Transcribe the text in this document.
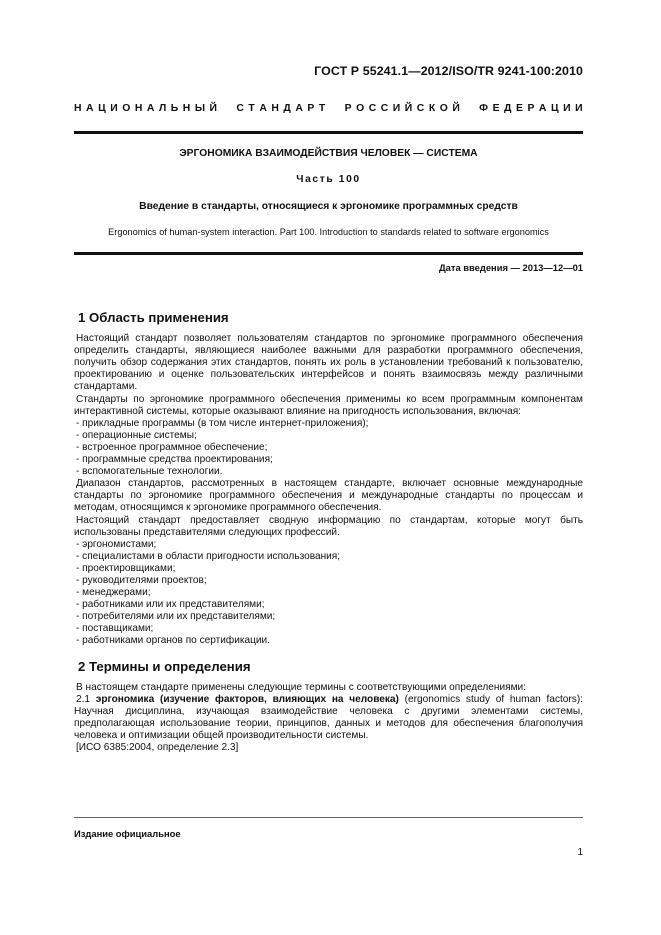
ГОСТ Р 55241.1—2012/ISO/TR 9241-100:2010
Н А Ц И О Н А Л Ь Н Ы Й

С Т А Н Д А Р Т

Р О С С И Й С К О Й

Ф Е Д Е Р А Ц И И
ЭРГОНОМИКА ВЗАИМОДЕЙСТВИЯ ЧЕЛОВЕК — СИСТЕМА
Часть 100
Введение в стандарты, относящиеся к эргономике программных средств
Ergonomics of human-system interaction. Part 100. Introduction to standards related to software ergonomics
Дата введения — 2013—12—01
1 Область применения

Настоящий стандарт позволяет пользователям стандартов по эргономике программного обеспечения определить стандарты, являющиеся наиболее важными для разработки программного обеспечения, получить обзор содержания этих стандартов, понять их роль в установлении требований к пользователю, проектированию и оценке пользовательских интерфейсов и понять взаимосвязь между различными стандартами.

Стандарты по эргономике программного обеспечения применимы ко всем программным компонентам интерактивной системы, которые оказывают влияние на пригодность использования, включая:

- прикладные программы (в том числе интернет-приложения);

- операционные системы;

- встроенное программное обеспечение;

- программные средства проектирования;

- вспомогательные технологии.

Диапазон стандартов, рассмотренных в настоящем стандарте, включает основные международные стандарты по эргономике программного обеспечения и международные стандарты по процессам и методам, относящимся к эргономике программного обеспечения.

Настоящий стандарт предоставляет сводную информацию по стандартам, которые могут быть использованы представителями следующих профессий.

- эргономистами;

- специалистами в области пригодности использования;

- проектировщиками;

- руководителями проектов;

- менеджерами;

- работниками или их представителями;

- потребителями или их представителями;

- поставщиками;

- работниками органов по сертификации.

2 Термины и определения

В настоящем стандарте применены следующие термины с соответствующими определениями:

2.1 эргономика (изучение факторов, влияющих на человека) (ergonomics study of human factors): Научная дисциплина, изучающая взаимодействие человека с другими элементами системы, предполагающая использование теории, принципов, данных и методов для обеспечения благополучия человека и оптимизации общей производительности системы.

[ИСО 6385:2004, определение 2.3]

Издание официальное
1
